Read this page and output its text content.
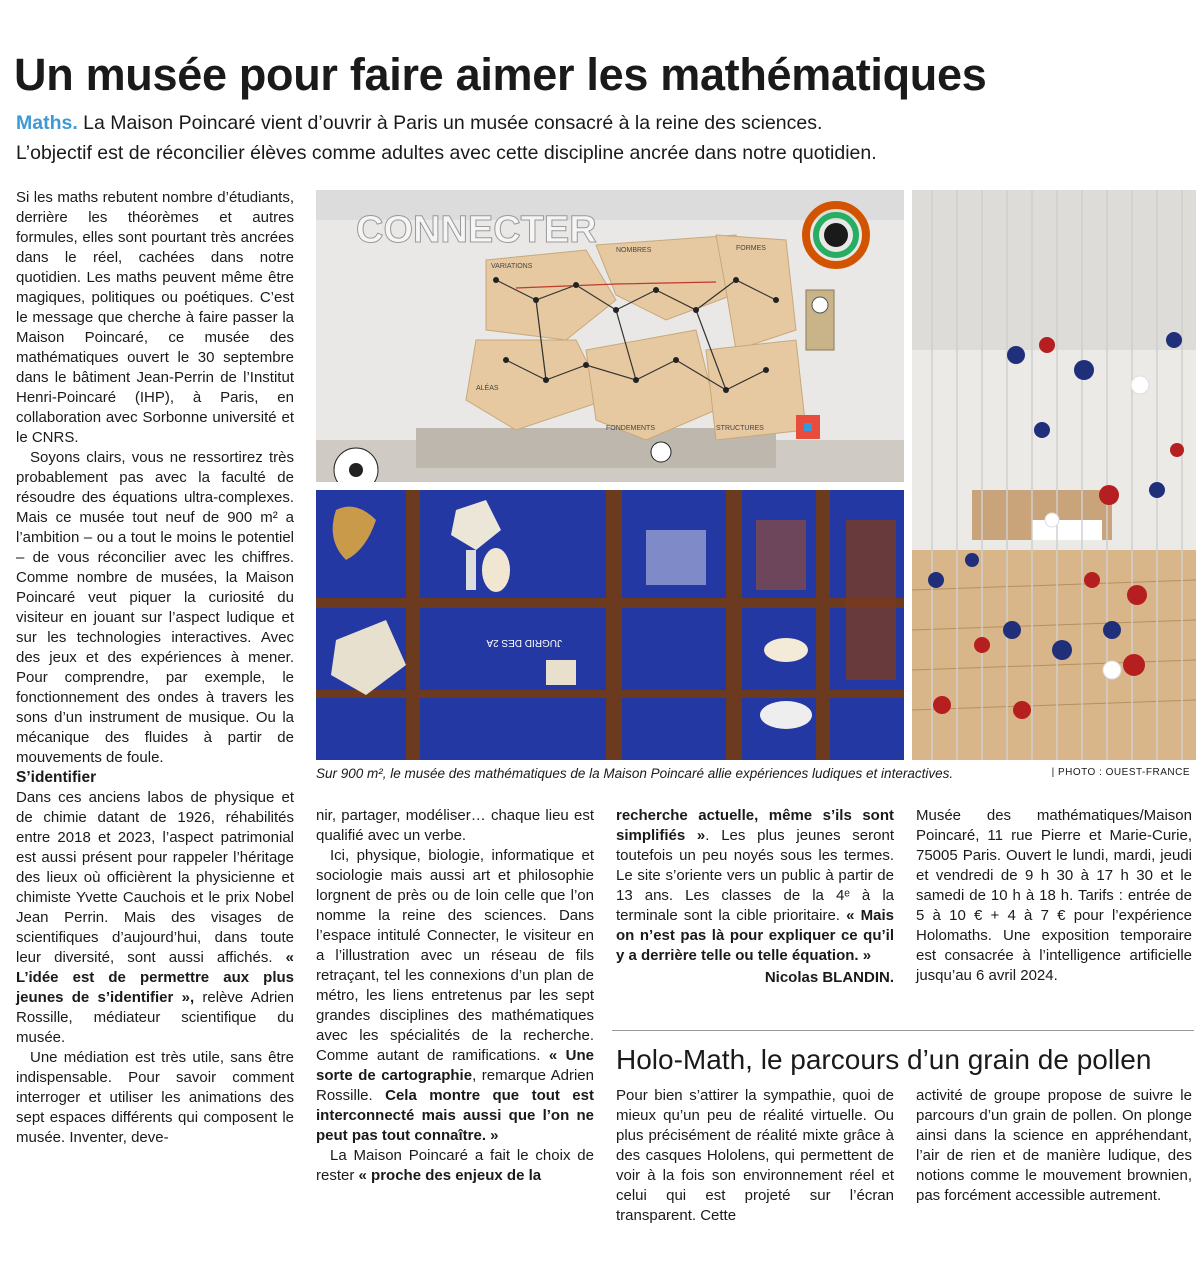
Un musée pour faire aimer les mathématiques
Maths. La Maison Poincaré vient d’ouvrir à Paris un musée consacré à la reine des sciences.
L’objectif est de réconcilier élèves comme adultes avec cette discipline ancrée dans notre quotidien.
CONNECTER
VARIATIONS
NOMBRES	FORMES
ALÉAS
FONDEMENTS	STRUCTURES
JUGRID DES 2A
Sur 900 m², le musée des mathématiques de la Maison Poincaré allie expériences ludiques et interactives.	| PHOTO : OUEST-FRANCE

Si les maths rebutent nombre d’étudiants, derrière les théorèmes et autres formules, elles sont pourtant très ancrées dans le réel, cachées dans notre quotidien. Les maths peuvent même être magiques, politiques ou poétiques. C’est le message que cherche à faire passer la Maison Poincaré, ce musée des mathématiques ouvert le 30 septembre dans le bâtiment Jean-Perrin de l’Institut Henri-Poincaré (IHP), à Paris, en collaboration avec Sorbonne université et le CNRS.

Soyons clairs, vous ne ressortirez très probablement pas avec la faculté de résoudre des équations ultra-complexes. Mais ce musée tout neuf de 900 m² a l’ambition – ou a tout le moins le potentiel – de vous réconcilier avec les chiffres. Comme nombre de musées, la Maison Poincaré veut piquer la curiosité du visiteur en jouant sur l’aspect ludique et sur les technologies interactives. Avec des jeux et des expériences à mener. Pour comprendre, par exemple, le fonctionnement des ondes à travers les sons d’un instrument de musique. Ou la mécanique des fluides à partir de mouvements de foule.

S’identifier

Dans ces anciens labos de physique et de chimie datant de 1926, réhabilités entre 2018 et 2023, l’aspect patrimonial est aussi présent pour rappeler l’héritage des lieux où officièrent la physicienne et chimiste Yvette Cauchois et le prix Nobel Jean Perrin. Mais des visages de scientifiques d’aujourd’hui, dans toute leur diversité, sont aussi affichés. « L’idée est de permettre aux plus jeunes de s’identifier », relève Adrien Rossille, médiateur scientifique du musée.

Une médiation est très utile, sans être indispensable. Pour savoir comment interroger et utiliser les animations des sept espaces différents qui composent le musée. Inventer, deve-

nir, partager, modéliser… chaque lieu est qualifié avec un verbe.

Ici, physique, biologie, informatique et sociologie mais aussi art et philosophie lorgnent de près ou de loin celle que l’on nomme la reine des sciences. Dans l’espace intitulé Connecter, le visiteur en a l’illustration avec un réseau de fils retraçant, tel les connexions d’un plan de métro, les liens entretenus par les sept grandes disciplines des mathématiques avec les spécialités de la recherche. Comme autant de ramifications. « Une sorte de cartographie, remarque Adrien Rossille. Cela montre que tout est interconnecté mais aussi que l’on ne peut pas tout connaître. »

La Maison Poincaré a fait le choix de rester « proche des enjeux de la

recherche actuelle, même s’ils sont simplifiés ». Les plus jeunes seront toutefois un peu noyés sous les termes. Le site s’oriente vers un public à partir de 13 ans. Les classes de la 4ᵉ à la terminale sont la cible prioritaire. « Mais on n’est pas là pour expliquer ce qu’il y a derrière telle ou telle équation. »

Nicolas BLANDIN.

Musée des mathématiques/Maison Poincaré, 11 rue Pierre et Marie-Curie, 75005 Paris. Ouvert le lundi, mardi, jeudi et vendredi de 9 h 30 à 17 h 30 et le samedi de 10 h à 18 h. Tarifs : entrée de 5 à 10 € + 4 à 7 € pour l’expérience Holomaths. Une exposition temporaire est consacrée à l’intelligence artificielle jusqu’au 6 avril 2024.

Holo-Math, le parcours d’un grain de pollen

Pour bien s’attirer la sympathie, quoi de mieux qu’un peu de réalité virtuelle. Ou plus précisément de réalité mixte grâce à des casques Hololens, qui permettent de voir à la fois son environnement réel et celui qui est projeté sur l’écran transparent. Cette

activité de groupe propose de suivre le parcours d’un grain de pollen. On plonge ainsi dans la science en appréhendant, l’air de rien et de manière ludique, des notions comme le mouvement brownien, pas forcément accessible autrement.
